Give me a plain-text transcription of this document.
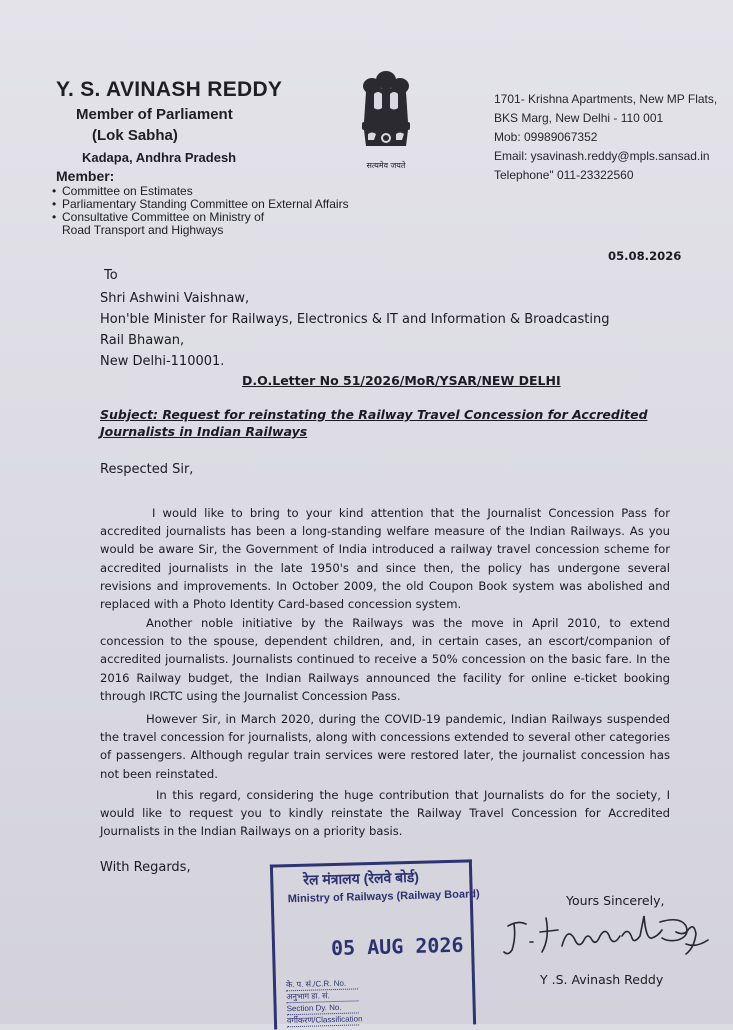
Y. S. AVINASH REDDY
Member of Parliament
(Lok Sabha)
Kadapa, Andhra Pradesh
Member:
• Committee on Estimates
• Parliamentary Standing Committee on External Affairs
• Consultative Committee on Ministry of
Road Transport and Highways
सत्यमेव जयते
1701- Krishna Apartments, New MP Flats,
BKS Marg, New Delhi - 110 001
Mob: 09989067352
Email: ysavinash.reddy@mpls.sansad.in
Telephone" 011-23322560
05.08.2026
To
Shri Ashwini Vaishnaw,
Hon'ble Minister for Railways, Electronics & IT and Information & Broadcasting
Rail Bhawan,
New Delhi-110001.
D.O.Letter No 51/2026/MoR/YSAR/NEW DELHI
Subject: Request for reinstating the Railway Travel Concession for Accredited Journalists in Indian Railways
Respected Sir,
I would like to bring to your kind attention that the Journalist Concession Pass for accredited journalists has been a long-standing welfare measure of the Indian Railways. As you would be aware Sir, the Government of India introduced a railway travel concession scheme for accredited journalists in the late 1950's and since then, the policy has undergone several revisions and improvements. In October 2009, the old Coupon Book system was abolished and replaced with a Photo Identity Card-based concession system.
Another noble initiative by the Railways was the move in April 2010, to extend concession to the spouse, dependent children, and, in certain cases, an escort/companion of accredited journalists. Journalists continued to receive a 50% concession on the basic fare. In the 2016 Railway budget, the Indian Railways announced the facility for online e-ticket booking through IRCTC using the Journalist Concession Pass.
However Sir, in March 2020, during the COVID-19 pandemic, Indian Railways suspended the travel concession for journalists, along with concessions extended to several other categories of passengers. Although regular train services were restored later, the journalist concession has not been reinstated.
In this regard, considering the huge contribution that Journalists do for the society, I would like to request you to kindly reinstate the Railway Travel Concession for Accredited Journalists in the Indian Railways on a priority basis.
With Regards,
Yours Sincerely,
Y .S. Avinash Reddy
रेल मंत्रालय (रेलवे बोर्ड)
Ministry of Railways (Railway Board)
05 AUG 2026
के. प. सं./C.R. No.
अनुभाग डा. सं.
Section Dy. No.
वर्गीकरण/Classification
